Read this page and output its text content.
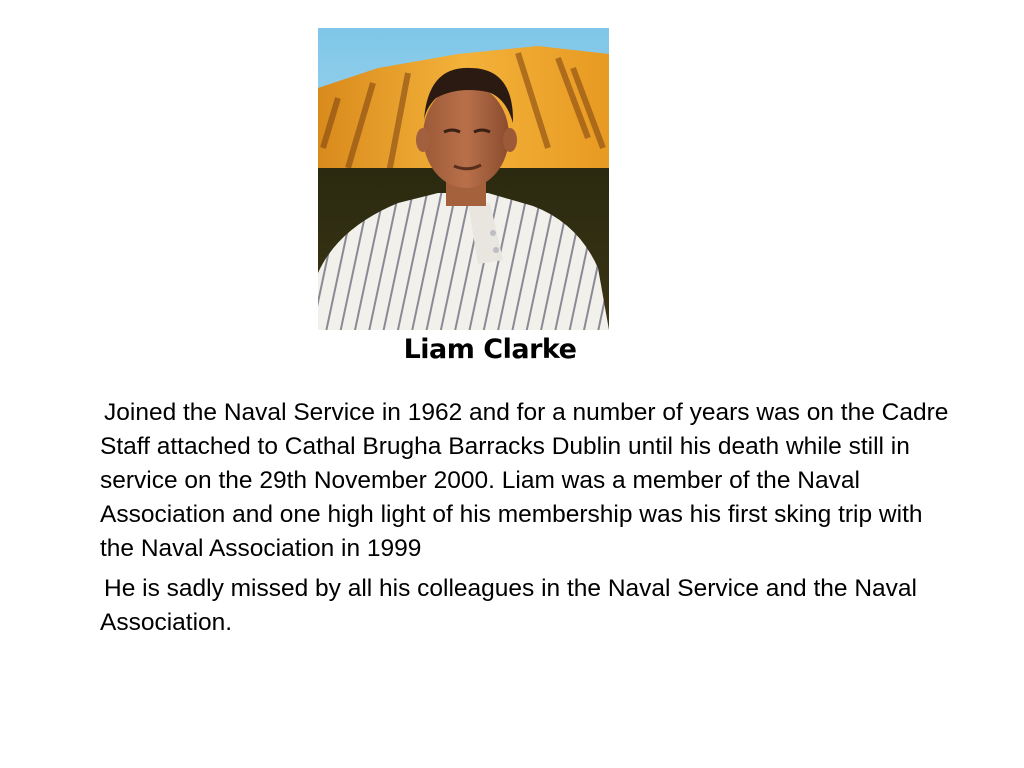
Liam Clarke

Joined the Naval Service in 1962 and for a number of years was on the Cadre Staff attached to Cathal Brugha Barracks Dublin until his death while still in service on the 29th November 2000. Liam was a member of the Naval Association and one high light of his membership was his first sking trip with the Naval Association in 1999

He is sadly missed by all his colleagues in the Naval Service and the Naval Association.
